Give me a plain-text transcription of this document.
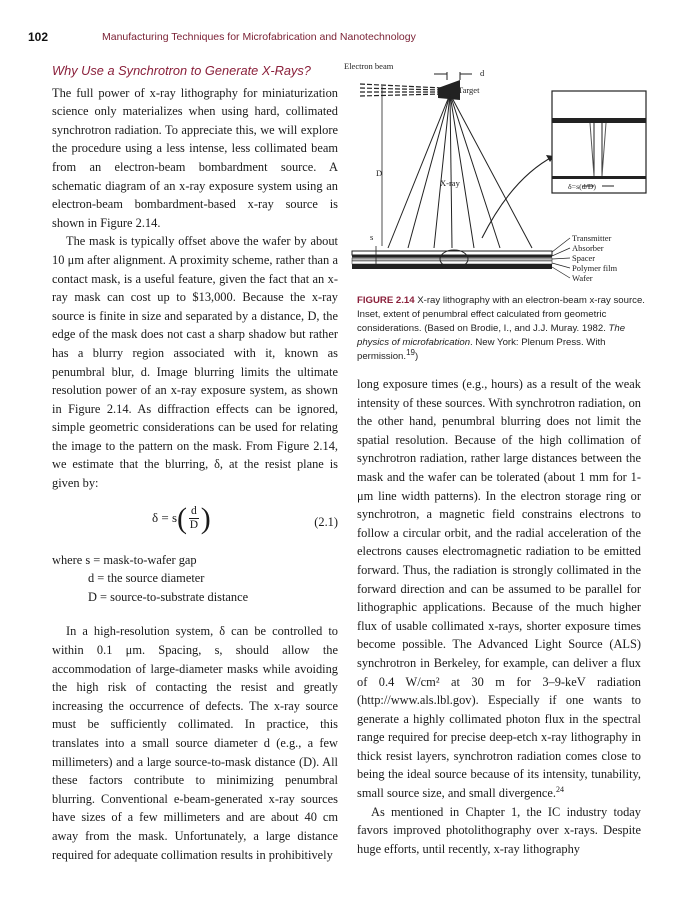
102	Manufacturing Techniques for Microfabrication and Nanotechnology
Why Use a Synchrotron to Generate X-Rays?

The full power of x-ray lithography for miniaturization science only materializes when using hard, collimated synchrotron radiation. To appreciate this, we will explore the procedure using a less intense, less collimated beam from an electron-beam bombardment source. A schematic diagram of an x-ray exposure system using an electron-beam bombardment-based x-ray source is shown in Figure 2.14.

The mask is typically offset above the wafer by about 10 μm after alignment. A proximity scheme, rather than a contact mask, is a useful feature, given the fact that an x-ray mask can cost up to $13,000. Because the x-ray source is finite in size and separated by a distance, D, the edge of the mask does not cast a sharp shadow but rather has a blurry region associated with it, known as penumbral blur, d. Image blurring limits the ultimate resolution power of an x-ray exposure system, as shown in Figure 2.14. As diffraction effects can be ignored, simple geometric considerations can be used for relating the image to the pattern on the mask. From Figure 2.14, we estimate that the blurring, δ, at the resist plane is given by:

δ = s ( $\frac{d}{D}$ )	(2.1)
where s = mask-to-wafer gap
d = the source diameter
D = source-to-substrate distance

In a high-resolution system, δ can be controlled to within 0.1 μm. Spacing, s, should allow the accommodation of large-diameter masks while avoiding the high risk of contacting the resist and greatly increasing the occurrence of defects. The x-ray source must be sufficiently collimated. In practice, this translates into a small source diameter d (e.g., a few millimeters) and a large source-to-mask distance (D). All these factors contribute to minimizing penumbral blurring. Conventional e-beam-generated x-ray sources have sizes of a few millimeters and are about 40 cm away from the mask. Unfortunately, a large distance required for adequate collimation results in prohibitively

Electron beam
d
Target
D
X-ray	δ=s(d/D)
s	Transmitter
Absorber
Spacer
Polymer film
Wafer
FIGURE 2.14 X-ray lithography with an electron-beam x-ray source. Inset, extent of penumbral effect calculated from geometric considerations. (Based on Brodie, I., and J.J. Muray. 1982. The physics of microfabrication. New York: Plenum Press. With permission.$^{19}$)

long exposure times (e.g., hours) as a result of the weak intensity of these sources. With synchrotron radiation, on the other hand, penumbral blurring does not limit the spatial resolution. Because of the high collimation of synchrotron radiation, rather large distances between the mask and the wafer can be tolerated (about 1 mm for 1-μm line width patterns). In the electron storage ring or synchrotron, a magnetic field constrains electrons to follow a circular orbit, and the radial acceleration of the electrons causes electromagnetic radiation to be emitted forward. Thus, the radiation is strongly collimated in the forward direction and can be assumed to be parallel for lithographic applications. Because of the much higher flux of usable collimated x-rays, shorter exposure times become possible. The Advanced Light Source (ALS) synchrotron in Berkeley, for example, can deliver a flux of 0.4 W/cm² at 30 m for 3–9-keV radiation (http://www.als.lbl.gov). Especially if one wants to generate a highly collimated photon flux in the spectral range required for precise deep-etch x-ray lithography in thick resist layers, synchrotron radiation comes close to being the ideal source because of its intensity, tunability, small source size, and small divergence.$^{24}$

As mentioned in Chapter 1, the IC industry today favors improved photolithography over x-rays. Despite huge efforts, until recently, x-ray lithography
